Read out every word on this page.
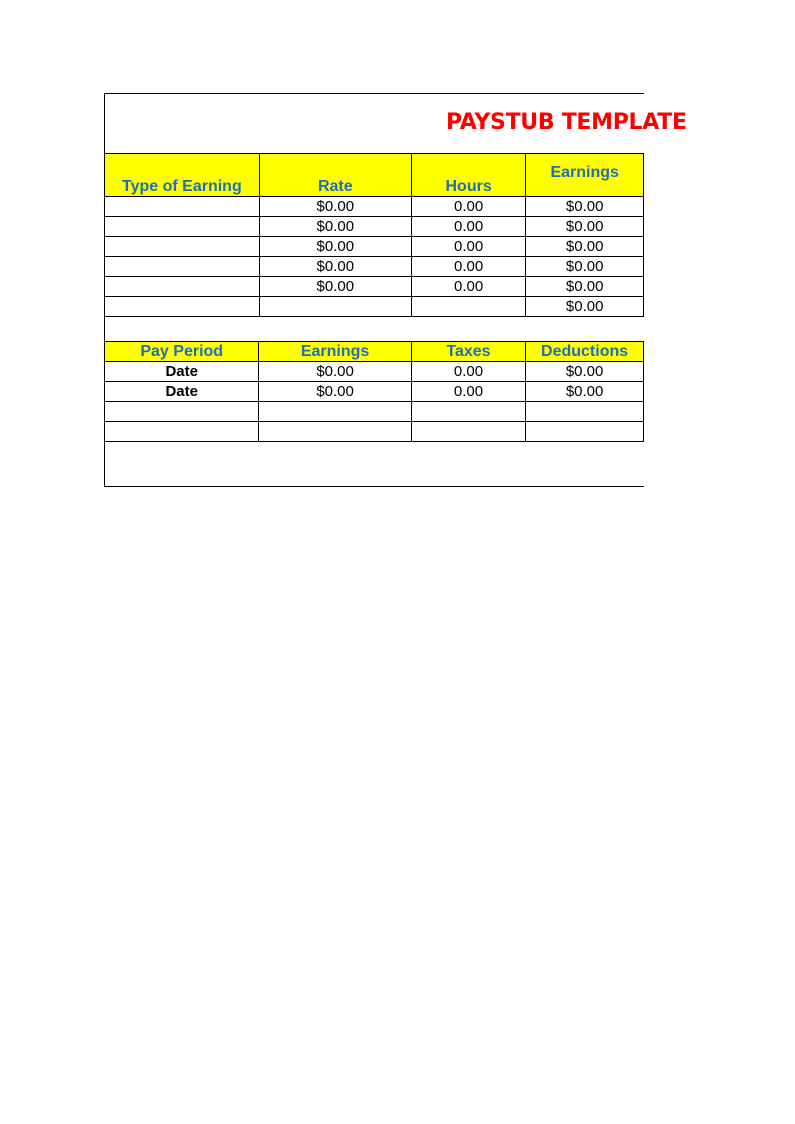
PAYSTUB TEMPLATE
Type of Earning	Rate	Hours	Earnings
	$0.00	0.00	$0.00
	$0.00	0.00	$0.00
	$0.00	0.00	$0.00
	$0.00	0.00	$0.00
	$0.00	0.00	$0.00
			$0.00
Pay Period	Earnings	Taxes	Deductions
Date	$0.00	0.00	$0.00
Date	$0.00	0.00	$0.00
